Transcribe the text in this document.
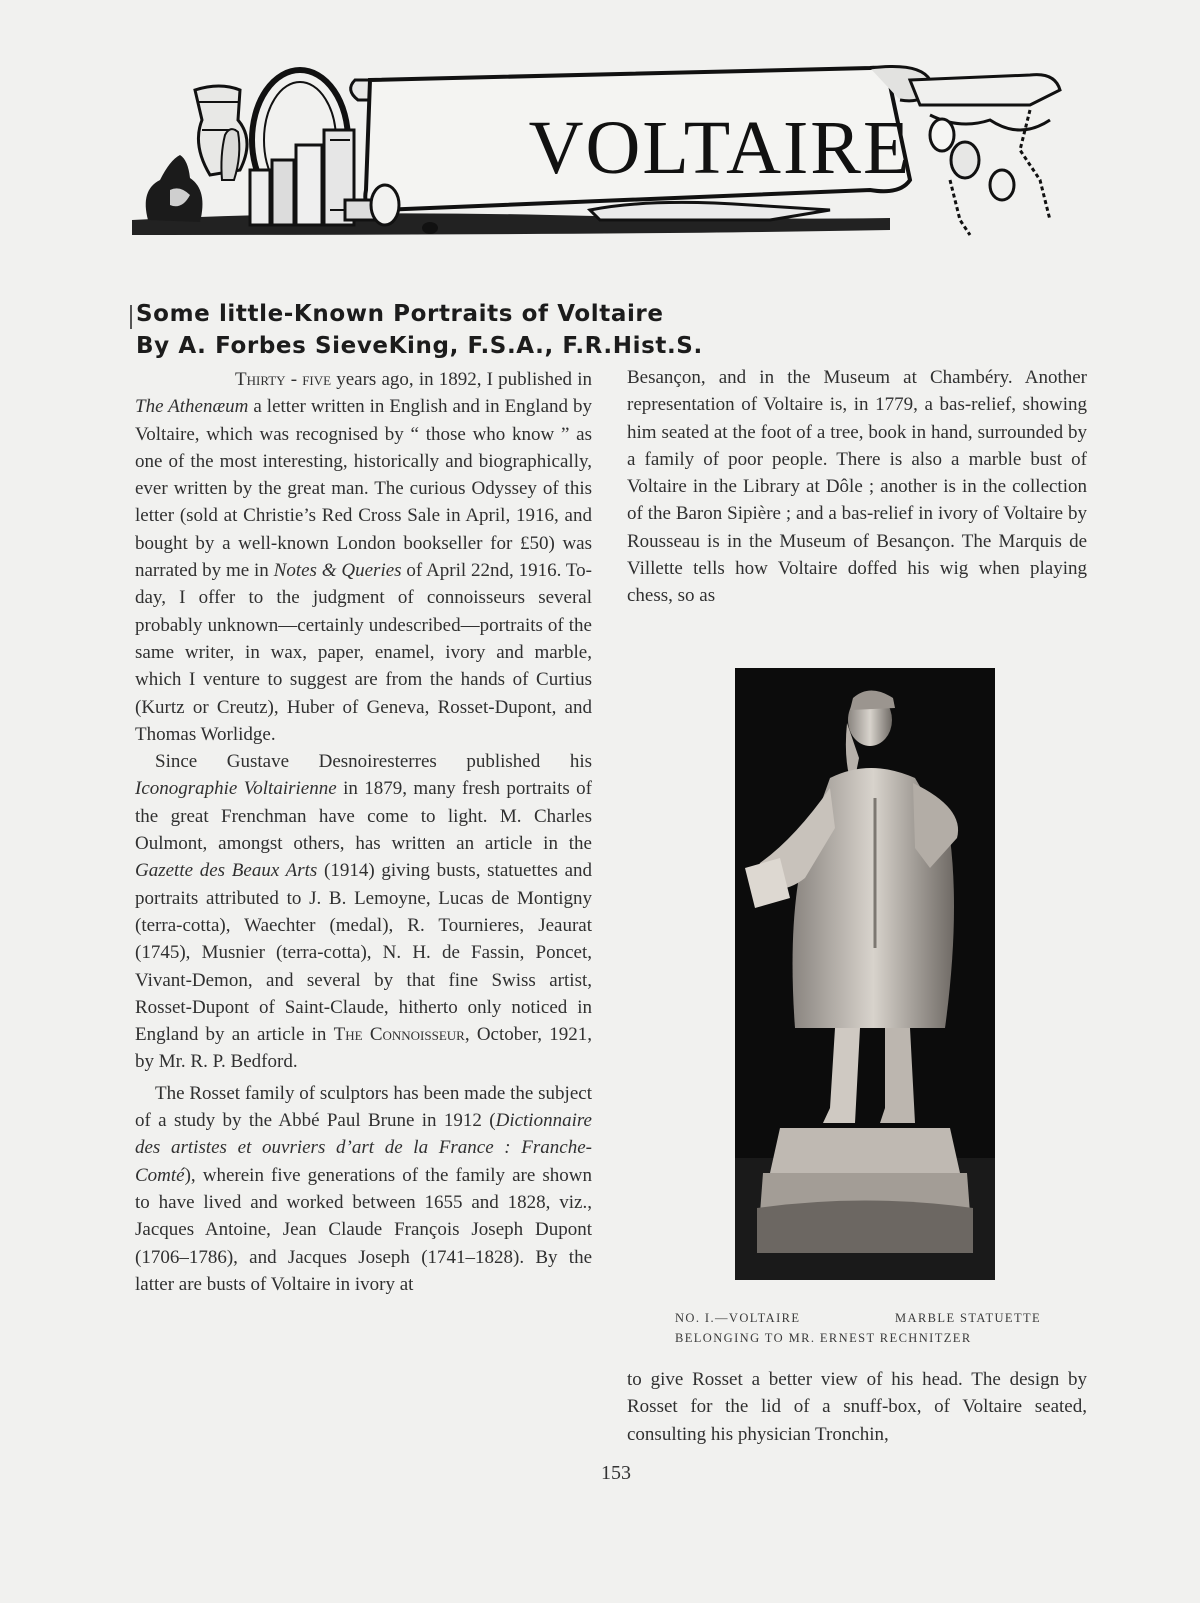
VOLTAIRE
Some little-Known Portraits of Voltaire
By A. Forbes SieveKing, F.S.A., F.R.Hist.S.

Thirty - five years ago, in 1892, I published in The Athenæum a letter written in English and in England by Voltaire, which was recognised by “ those who know ” as one of the most interesting, historically and biographically, ever written by the great man. The curious Odyssey of this letter (sold at Christie’s Red Cross Sale in April, 1916, and bought by a well-known London bookseller for £50) was narrated by me in Notes & Queries of April 22nd, 1916. To-day, I offer to the judgment of connoisseurs several probably unknown—certainly undescribed—portraits of the same writer, in wax, paper, enamel, ivory and marble, which I venture to suggest are from the hands of Curtius (Kurtz or Creutz), Huber of Geneva, Rosset-Dupont, and Thomas Worlidge.

Since Gustave Desnoiresterres published his Iconographie Voltairienne in 1879, many fresh portraits of the great Frenchman have come to light. M. Charles Oulmont, amongst others, has written an article in the Gazette des Beaux Arts (1914) giving busts, statuettes and portraits attributed to J. B. Lemoyne, Lucas de Montigny (terra-cotta), Waechter (medal), R. Tournieres, Jeaurat (1745), Musnier (terra-cotta), N. H. de Fassin, Poncet, Vivant-Demon, and several by that fine Swiss artist, Rosset-Dupont of Saint-Claude, hitherto only noticed in England by an article in The Connoisseur, October, 1921, by Mr. R. P. Bedford.

The Rosset family of sculptors has been made the subject of a study by the Abbé Paul Brune in 1912 (Dictionnaire des artistes et ouvriers d’art de la France : Franche-Comté), wherein five generations of the family are shown to have lived and worked between 1655 and 1828, viz., Jacques Antoine, Jean Claude François Joseph Dupont (1706–1786), and Jacques Joseph (1741–1828). By the latter are busts of Voltaire in ivory at

Besançon, and in the Museum at Chambéry. Another representation of Voltaire is, in 1779, a bas-relief, showing him seated at the foot of a tree, book in hand, surrounded by a family of poor people. There is also a marble bust of Voltaire in the Library at Dôle ; another is in the collection of the Baron Sipière ; and a bas-relief in ivory of Voltaire by Rousseau is in the Museum of Besançon. The Marquis de Villette tells how Voltaire doffed his wig when playing chess, so as

NO. I.—VOLTAIRE	MARBLE STATUETTE
BELONGING TO MR. ERNEST RECHNITZER

to give Rosset a better view of his head. The design by Rosset for the lid of a snuff-box, of Voltaire seated, consulting his physician Tronchin,

153
